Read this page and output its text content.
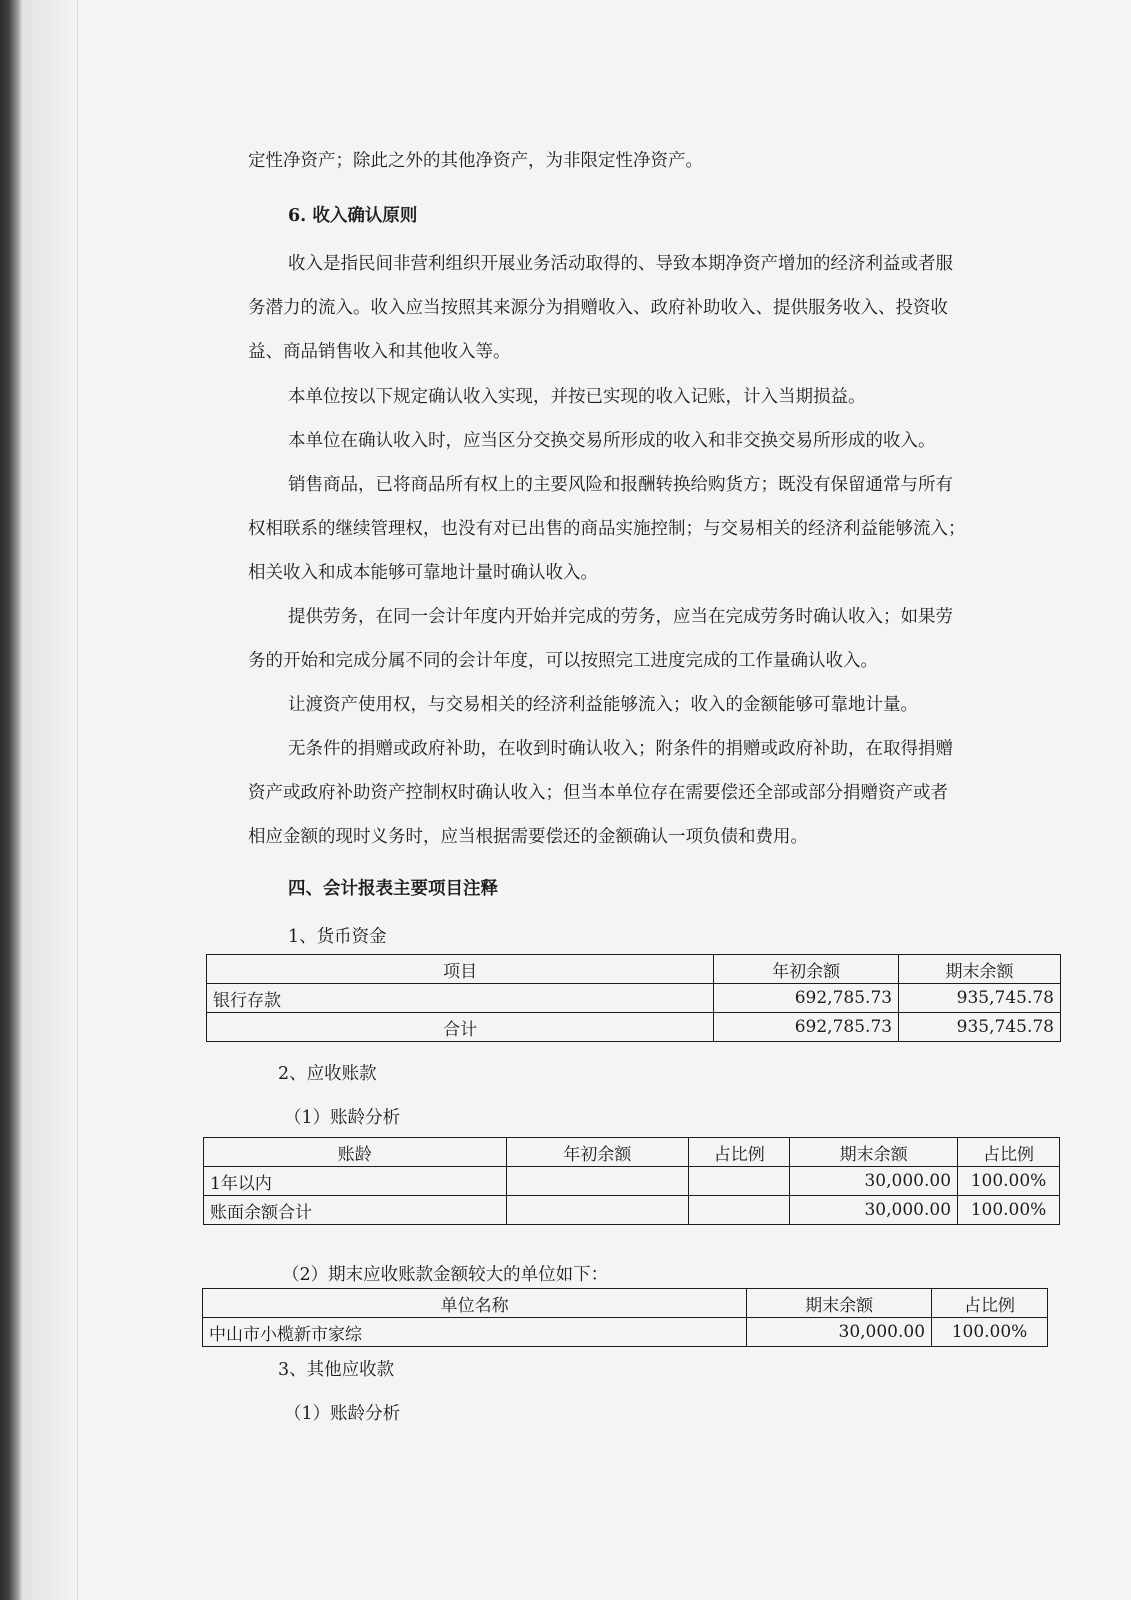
定性净资产；除此之外的其他净资产，为非限定性净资产。
6. 收入确认原则
收入是指民间非营利组织开展业务活动取得的、导致本期净资产增加的经济利益或者服
务潜力的流入。收入应当按照其来源分为捐赠收入、政府补助收入、提供服务收入、投资收
益、商品销售收入和其他收入等。
本单位按以下规定确认收入实现，并按已实现的收入记账，计入当期损益。
本单位在确认收入时，应当区分交换交易所形成的收入和非交换交易所形成的收入。
销售商品，已将商品所有权上的主要风险和报酬转换给购货方；既没有保留通常与所有
权相联系的继续管理权，也没有对已出售的商品实施控制；与交易相关的经济利益能够流入；
相关收入和成本能够可靠地计量时确认收入。
提供劳务，在同一会计年度内开始并完成的劳务，应当在完成劳务时确认收入；如果劳
务的开始和完成分属不同的会计年度，可以按照完工进度完成的工作量确认收入。
让渡资产使用权，与交易相关的经济利益能够流入；收入的金额能够可靠地计量。
无条件的捐赠或政府补助，在收到时确认收入；附条件的捐赠或政府补助，在取得捐赠
资产或政府补助资产控制权时确认收入；但当本单位存在需要偿还全部或部分捐赠资产或者
相应金额的现时义务时，应当根据需要偿还的金额确认一项负债和费用。
四、会计报表主要项目注释
1、货币资金
项目	年初余额	期末余额
银行存款	692,785.73	935,745.78
合计	692,785.73	935,745.78
2、应收账款
（1）账龄分析
账龄	年初余额	占比例	期末余额	占比例
1年以内			30,000.00	100.00%
账面余额合计			30,000.00	100.00%
（2）期末应收账款金额较大的单位如下：
单位名称	期末余额	占比例
中山市小榄新市家综	30,000.00	100.00%
3、其他应收款
（1）账龄分析
